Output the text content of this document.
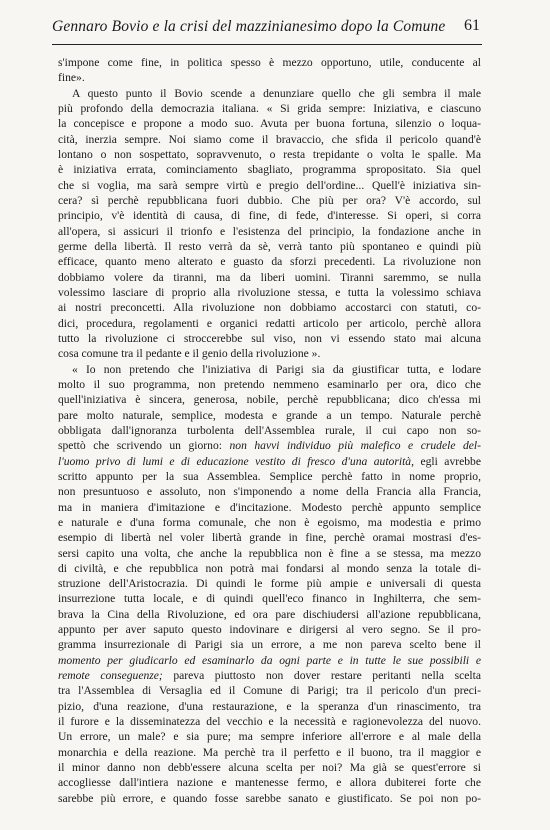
Gennaro Bovio e la crisi del mazzinianesimo dopo la Comune 61
s'impone come fine, in politica spesso è mezzo opportuno, utile, conducente al
fine».
A questo punto il Bovio scende a denunziare quello che gli sembra il male
più profondo della democrazia italiana. « Si grida sempre: Iniziativa, e ciascuno
la concepisce e propone a modo suo. Avuta per buona fortuna, silenzio o loqua-
cità, inerzia sempre. Noi siamo come il bravaccio, che sfida il pericolo quand'è
lontano o non sospettato, sopravvenuto, o resta trepidante o volta le spalle. Ma
è iniziativa errata, cominciamento sbagliato, programma spropositato. Sia quel
che si voglia, ma sarà sempre virtù e pregio dell'ordine... Quell'è iniziativa sin-
cera? sì perchè repubblicana fuori dubbio. Che più per ora? V'è accordo, sul
principio, v'è identità di causa, di fine, di fede, d'interesse. Si operi, si corra
all'opera, si assicuri il trionfo e l'esistenza del principio, la fondazione anche in
germe della libertà. Il resto verrà da sè, verrà tanto più spontaneo e quindi più
efficace, quanto meno alterato e guasto da sforzi precedenti. La rivoluzione non
dobbiamo volere da tiranni, ma da liberi uomini. Tiranni saremmo, se nulla
volessimo lasciare di proprio alla rivoluzione stessa, e tutta la volessimo schiava
ai nostri preconcetti. Alla rivoluzione non dobbiamo accostarci con statuti, co-
dici, procedura, regolamenti e organici redatti articolo per articolo, perchè allora
tutto la rivoluzione ci stroccerebbe sul viso, non vi essendo stato mai alcuna
cosa comune tra il pedante e il genio della rivoluzione ».
« Io non pretendo che l'iniziativa di Parigi sia da giustificar tutta, e lodare
molto il suo programma, non pretendo nemmeno esaminarlo per ora, dico che
quell'iniziativa è sincera, generosa, nobile, perchè repubblicana; dico ch'essa mi
pare molto naturale, semplice, modesta e grande a un tempo. Naturale perchè
obbligata dall'ignoranza turbolenta dell'Assemblea rurale, il cui capo non so-
spettò che scrivendo un giorno: non havvi individuo più malefico e crudele del-
l'uomo privo di lumi e di educazione vestito di fresco d'una autorità, egli avrebbe
scritto appunto per la sua Assemblea. Semplice perchè fatto in nome proprio,
non presuntuoso e assoluto, non s'imponendo a nome della Francia alla Francia,
ma in maniera d'imitazione e d'incitazione. Modesto perchè appunto semplice
e naturale e d'una forma comunale, che non è egoismo, ma modestia e primo
esempio di libertà nel voler libertà grande in fine, perchè oramai mostrasi d'es-
sersi capito una volta, che anche la repubblica non è fine a se stessa, ma mezzo
di civiltà, e che repubblica non potrà mai fondarsi al mondo senza la totale di-
struzione dell'Aristocrazia. Di quindi le forme più ampie e universali di questa
insurrezione tutta locale, e di quindi quell'eco finanсо in Inghilterra, che sem-
brava la Cina della Rivoluzione, ed ora pare dischiudersi all'azione repubblicana,
appunto per aver saputo questo indovinare e dirigersi al vero segno. Se il pro-
gramma insurrezionale di Parigi sia un errore, a me non pareva scelto bene il
momento per giudicarlo ed esaminarlo da ogni parte e in tutte le sue possibili e
remote conseguenze; pareva piuttosto non dover restare peritanti nella scelta
tra l'Assemblea di Versaglia ed il Comune di Parigi; tra il pericolo d'un preci-
pizio, d'una reazione, d'una restaurazione, e la speranza d'un rinascimento, tra
il furore e la disseminatezza del vecchio e la necessità e ragionevolezza del nuovo.
Un errore, un male? e sia pure; ma sempre inferiore all'errore e al male della
monarchia e della reazione. Ma perchè tra il perfetto e il buono, tra il maggior e
il minor danno non debb'essere alcuna scelta per noi? Ma già se quest'errore si
accogliesse dall'intiera nazione e mantenesse fermo, e allora dubiterei forte che
sarebbe più errore, e quando fosse sarebbe sanato e giustificato. Se poi non po-
